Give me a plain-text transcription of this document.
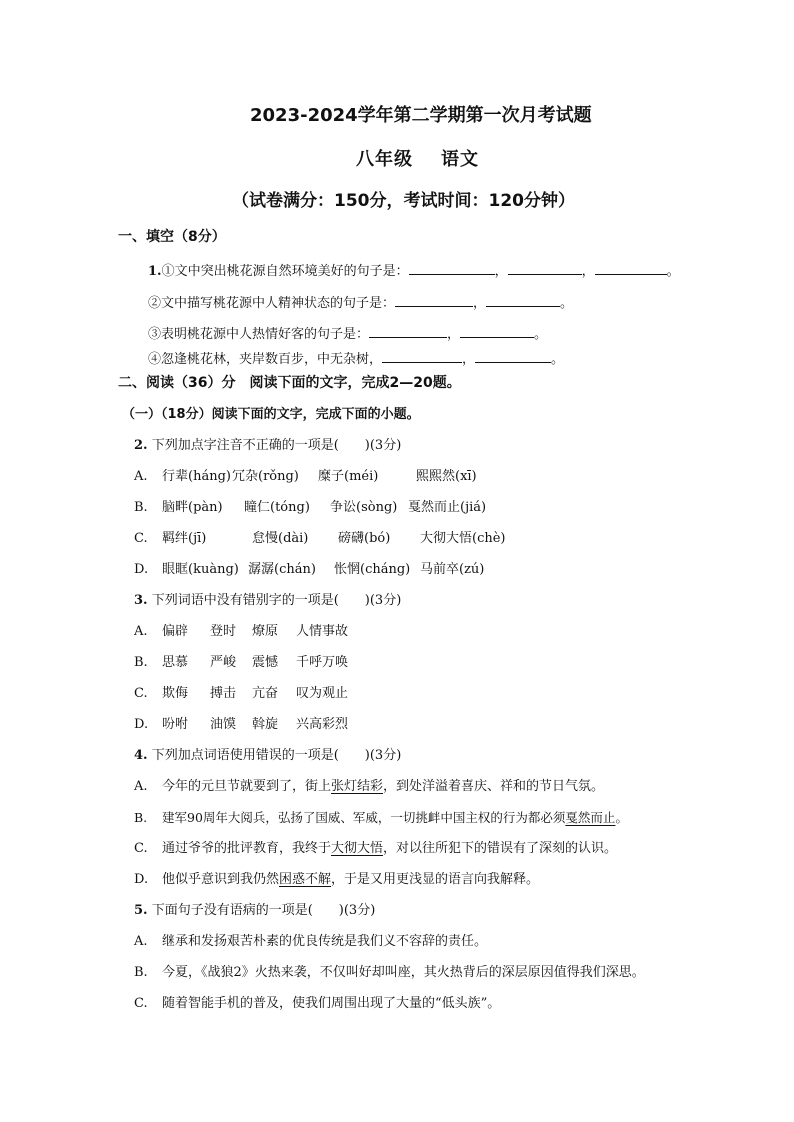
2023-2024学年第二学期第一次月考试题
八年级 语文
（试卷满分：150分，考试时间：120分钟）
一、填空（8分）
1.①文中突出桃花源自然环境美好的句子是：	，	，	。
②文中描写桃花源中人精神状态的句子是：	，	。
③表明桃花源中人热情好客的句子是：	，	。
④忽逢桃花林，夹岸数百步，中无杂树，	，	。
二、阅读（36）分　阅读下面的文字，完成2—20题。
（一）（18分）阅读下面的文字，完成下面的小题。
2. 下列加点字注音不正确的一项是(　　)(3分)
A. 行辈(háng)冗杂(rǒng) 糜子(méi)	熙熙然(xī)
B. 脑畔(pàn) 瞳仁(tóng) 争讼(sòng) 戛然而止(jiá)
C. 羁绊(jī)	怠慢(dài) 磅礴(bó) 大彻大悟(chè)
D. 眼眶(kuàng) 潺潺(chán) 怅惘(cháng) 马前卒(zú)
3. 下列词语中没有错别字的一项是(　　)(3分)
A. 偏辟 登时 燎原 人情事故
B. 思慕 严峻 震憾 千呼万唤
C. 欺侮 搏击 亢奋 叹为观止
D. 吩咐 油馍 斡旋 兴高彩烈
4. 下列加点词语使用错误的一项是(　　)(3分)
A. 今年的元旦节就要到了，街上张灯结彩，到处洋溢着喜庆、祥和的节日气氛。
B. 建军90周年大阅兵，弘扬了国威、军威，一切挑衅中国主权的行为都必须戛然而止。
C. 通过爷爷的批评教育，我终于大彻大悟，对以往所犯下的错误有了深刻的认识。
D. 他似乎意识到我仍然困惑不解，于是又用更浅显的语言向我解释。
5. 下面句子没有语病的一项是(　　)(3分)
A. 继承和发扬艰苦朴素的优良传统是我们义不容辞的责任。
B. 今夏，《战狼2》火热来袭，不仅叫好却叫座，其火热背后的深层原因值得我们深思。
C. 随着智能手机的普及，使我们周围出现了大量的“低头族”。
